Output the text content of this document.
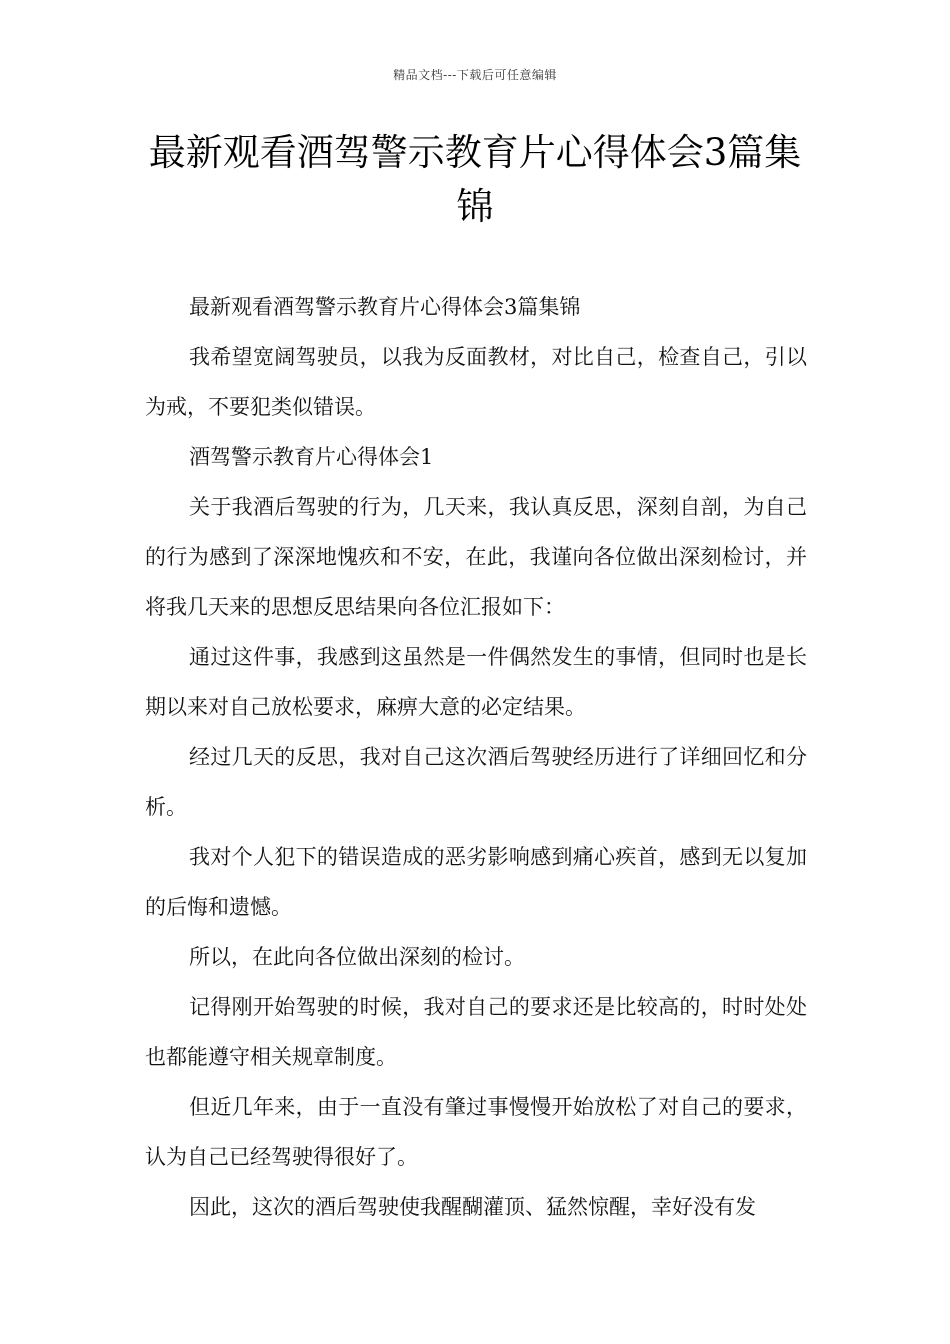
精品文档---下载后可任意编辑
最新观看酒驾警示教育片心得体会3篇集锦

最新观看酒驾警示教育片心得体会3篇集锦

我希望宽阔驾驶员，以我为反面教材，对比自己，检查自己，引以为戒，不要犯类似错误。

酒驾警示教育片心得体会1

关于我酒后驾驶的行为，几天来，我认真反思，深刻自剖，为自己的行为感到了深深地愧疚和不安，在此，我谨向各位做出深刻检讨，并将我几天来的思想反思结果向各位汇报如下：

通过这件事，我感到这虽然是一件偶然发生的事情，但同时也是长期以来对自己放松要求，麻痹大意的必定结果。

经过几天的反思，我对自己这次酒后驾驶经历进行了详细回忆和分析。

我对个人犯下的错误造成的恶劣影响感到痛心疾首，感到无以复加的后悔和遗憾。

所以，在此向各位做出深刻的检讨。

记得刚开始驾驶的时候，我对自己的要求还是比较高的，时时处处也都能遵守相关规章制度。

但近几年来，由于一直没有肇过事慢慢开始放松了对自己的要求，认为自己已经驾驶得很好了。

因此，这次的酒后驾驶使我醒醐灌顶、猛然惊醒，幸好没有发
